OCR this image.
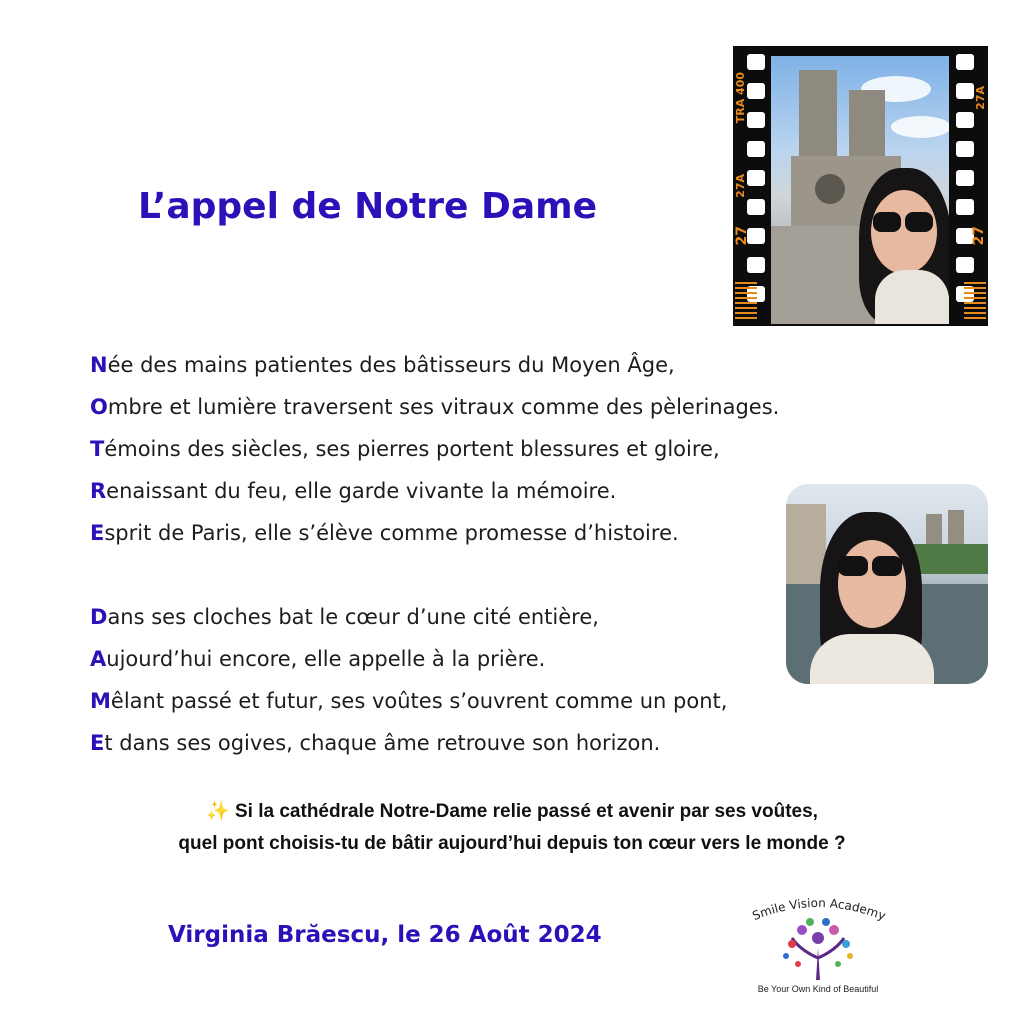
L’appel de Notre Dame
TRA 400
27A
27
27A
27
Née des mains patientes des bâtisseurs du Moyen Âge,
Ombre et lumière traversent ses vitraux comme des pèlerinages.
Témoins des siècles, ses pierres portent blessures et gloire,
Renaissant du feu, elle garde vivante la mémoire.
Esprit de Paris, elle s’élève comme promesse d’histoire.
Dans ses cloches bat le cœur d’une cité entière,
Aujourd’hui encore, elle appelle à la prière.
Mêlant passé et futur, ses voûtes s’ouvrent comme un pont,
Et dans ses ogives, chaque âme retrouve son horizon.
✨ Si la cathédrale Notre-Dame relie passé et avenir par ses voûtes,
quel pont choisis-tu de bâtir aujourd’hui depuis ton cœur vers le monde ?
Virginia Brăescu, le 26 Août 2024
Smile Vision Academy
Be Your Own Kind of Beautiful
